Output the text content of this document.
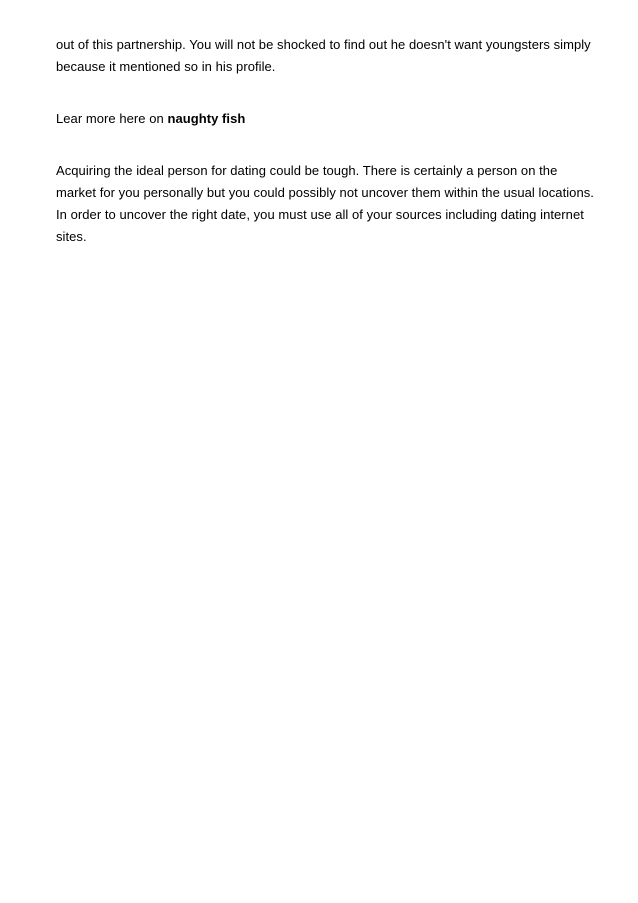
out of this partnership. You will not be shocked to find out he doesn't want youngsters simply
because it mentioned so in his profile.

Lear more here on naughty fish

Acquiring the ideal person for dating could be tough. There is certainly a person on the
market for you personally but you could possibly not uncover them within the usual locations.
In order to uncover the right date, you must use all of your sources including dating internet
sites.
